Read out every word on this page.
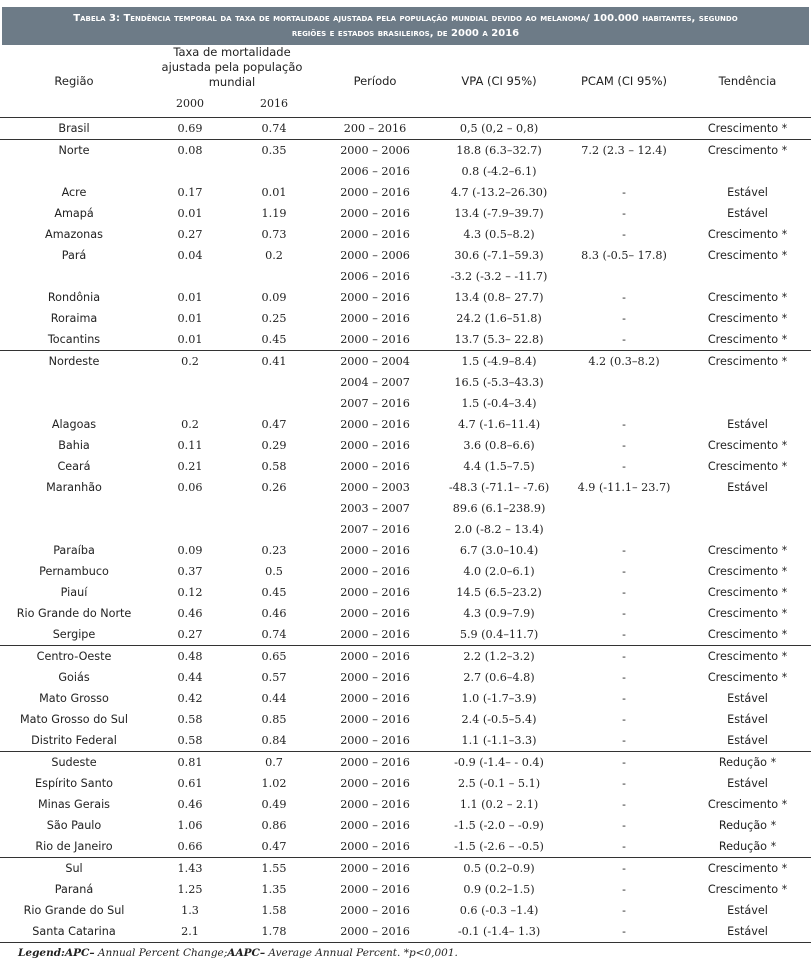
Tabela 3: Tendência temporal da taxa de mortalidade ajustada pela população mundial devido ao melanoma/ 100.000 habitantes, segundo
regiões e estados brasileiros, de 2000 a 2016
Região	Taxa de mortalidade ajustada pela população mundial		Período	VPA (CI 95%)	PCAM (CI 95%)	Tendência
	2000	2016				
Brasil	0.69	0.74	200 – 2016	0,5 (0,2 – 0,8)		Crescimento *
Norte	0.08	0.35	2000 – 2006	18.8 (6.3–32.7)	7.2 (2.3 – 12.4)	Crescimento *
			2006 – 2016	0.8 (-4.2–6.1)		
Acre	0.17	0.01	2000 – 2016	4.7 (-13.2–26.30)	-	Estável
Amapá	0.01	1.19	2000 – 2016	13.4 (-7.9–39.7)	-	Estável
Amazonas	0.27	0.73	2000 – 2016	4.3 (0.5–8.2)	-	Crescimento *
Pará	0.04	0.2	2000 – 2006	30.6 (-7.1–59.3)	8.3 (-0.5– 17.8)	Crescimento *
			2006 – 2016	-3.2 (-3.2 – -11.7)		
Rondônia	0.01	0.09	2000 – 2016	13.4 (0.8– 27.7)	-	Crescimento *
Roraima	0.01	0.25	2000 – 2016	24.2 (1.6–51.8)	-	Crescimento *
Tocantins	0.01	0.45	2000 – 2016	13.7 (5.3– 22.8)	-	Crescimento *
Nordeste	0.2	0.41	2000 – 2004	1.5 (-4.9–8.4)	4.2 (0.3–8.2)	Crescimento *
			2004 – 2007	16.5 (-5.3–43.3)		
			2007 – 2016	1.5 (-0.4–3.4)		
Alagoas	0.2	0.47	2000 – 2016	4.7 (-1.6–11.4)	-	Estável
Bahia	0.11	0.29	2000 – 2016	3.6 (0.8–6.6)	-	Crescimento *
Ceará	0.21	0.58	2000 – 2016	4.4 (1.5–7.5)	-	Crescimento *
Maranhão	0.06	0.26	2000 – 2003	-48.3 (-71.1– -7.6)	4.9 (-11.1– 23.7)	Estável
			2003 – 2007	89.6 (6.1–238.9)		
			2007 – 2016	2.0 (-8.2 – 13.4)		
Paraíba	0.09	0.23	2000 – 2016	6.7 (3.0–10.4)	-	Crescimento *
Pernambuco	0.37	0.5	2000 – 2016	4.0 (2.0–6.1)	-	Crescimento *
Piauí	0.12	0.45	2000 – 2016	14.5 (6.5–23.2)	-	Crescimento *
Rio Grande do Norte	0.46	0.46	2000 – 2016	4.3 (0.9–7.9)	-	Crescimento *
Sergipe	0.27	0.74	2000 – 2016	5.9 (0.4–11.7)	-	Crescimento *
Centro-Oeste	0.48	0.65	2000 – 2016	2.2 (1.2–3.2)	-	Crescimento *
Goiás	0.44	0.57	2000 – 2016	2.7 (0.6–4.8)	-	Crescimento *
Mato Grosso	0.42	0.44	2000 – 2016	1.0 (-1.7–3.9)	-	Estável
Mato Grosso do Sul	0.58	0.85	2000 – 2016	2.4 (-0.5–5.4)	-	Estável
Distrito Federal	0.58	0.84	2000 – 2016	1.1 (-1.1–3.3)	-	Estável
Sudeste	0.81	0.7	2000 – 2016	-0.9 (-1.4– - 0.4)	-	Redução *
Espírito Santo	0.61	1.02	2000 – 2016	2.5 (-0.1 – 5.1)	-	Estável
Minas Gerais	0.46	0.49	2000 – 2016	1.1 (0.2 – 2.1)	-	Crescimento *
São Paulo	1.06	0.86	2000 – 2016	-1.5 (-2.0 – -0.9)	-	Redução *
Rio de Janeiro	0.66	0.47	2000 – 2016	-1.5 (-2.6 – -0.5)	-	Redução *
Sul	1.43	1.55	2000 – 2016	0.5 (0.2–0.9)	-	Crescimento *
Paraná	1.25	1.35	2000 – 2016	0.9 (0.2–1.5)	-	Crescimento *
Rio Grande do Sul	1.3	1.58	2000 – 2016	0.6 (-0.3 –1.4)	-	Estável
Santa Catarina	2.1	1.78	2000 – 2016	-0.1 (-1.4– 1.3)	-	Estável
Legend:APC– Annual Percent Change;AAPC– Average Annual Percent. *p<0,001.
